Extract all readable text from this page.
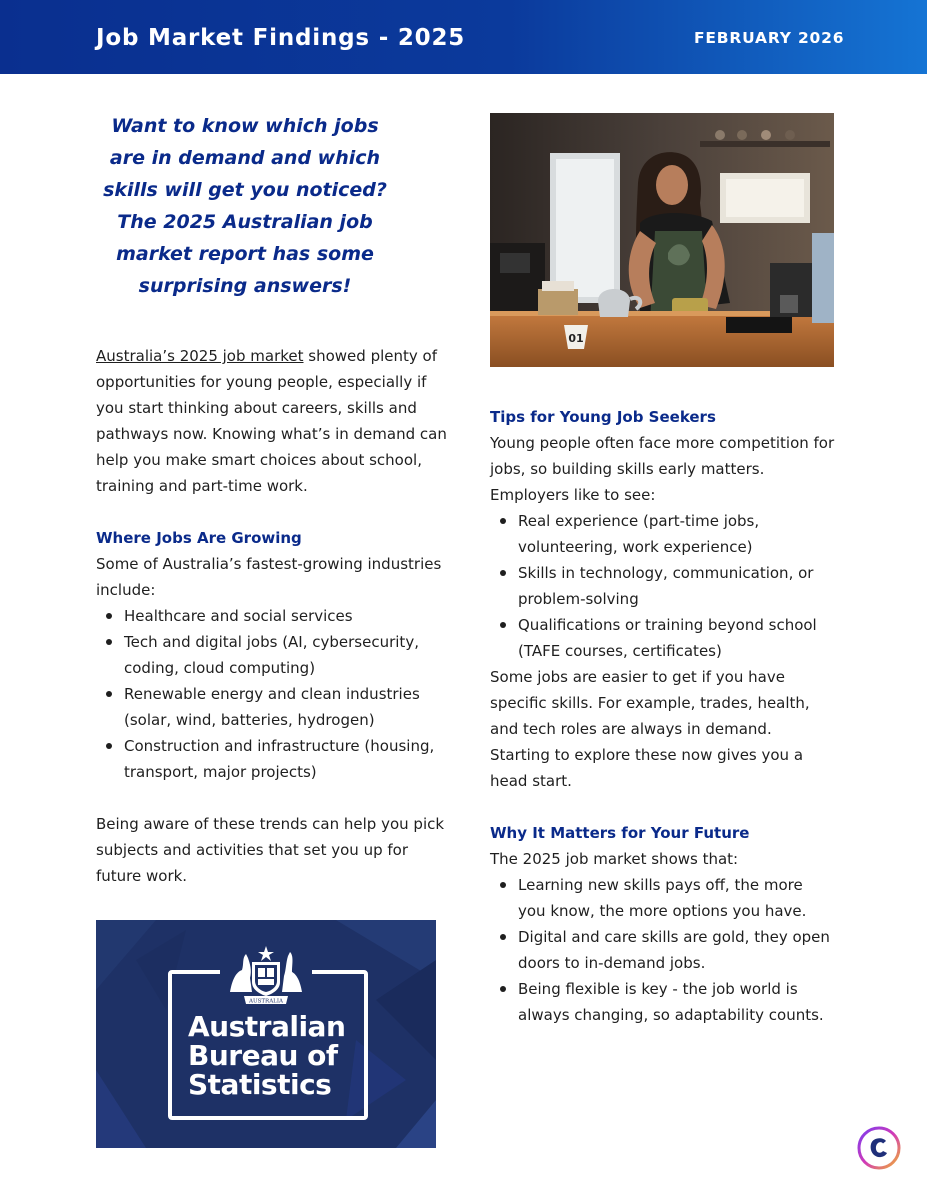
Job Market Findings - 2025	FEBRUARY 2026
Want to know which jobs are in demand and which skills will get you noticed? The 2025 Australian job market report has some surprising answers!

Australia’s 2025 job market showed plenty of opportunities for young people, especially if you start thinking about careers, skills and pathways now. Knowing what’s in demand can help you make smart choices about school, training and part-time work.

Where Jobs Are Growing

Some of Australia’s fastest-growing industries include:

Healthcare and social services
Tech and digital jobs (AI, cybersecurity, coding, cloud computing)
Renewable energy and clean industries (solar, wind, batteries, hydrogen)
Construction and infrastructure (housing, transport, major projects)

Being aware of these trends can help you pick subjects and activities that set you up for future work.

AUSTRALIA
Australian
Bureau of
Statistics
01
Tips for Young Job Seekers

Young people often face more competition for jobs, so building skills early matters. Employers like to see:

Real experience (part-time jobs, volunteering, work experience)
Skills in technology, communication, or problem-solving
Qualifications or training beyond school (TAFE courses, certificates)

Some jobs are easier to get if you have specific skills. For example, trades, health, and tech roles are always in demand. Starting to explore these now gives you a head start.

Why It Matters for Your Future

The 2025 job market shows that:

Learning new skills pays off, the more you know, the more options you have.
Digital and care skills are gold, they open doors to in-demand jobs.
Being flexible is key - the job world is always changing, so adaptability counts.
